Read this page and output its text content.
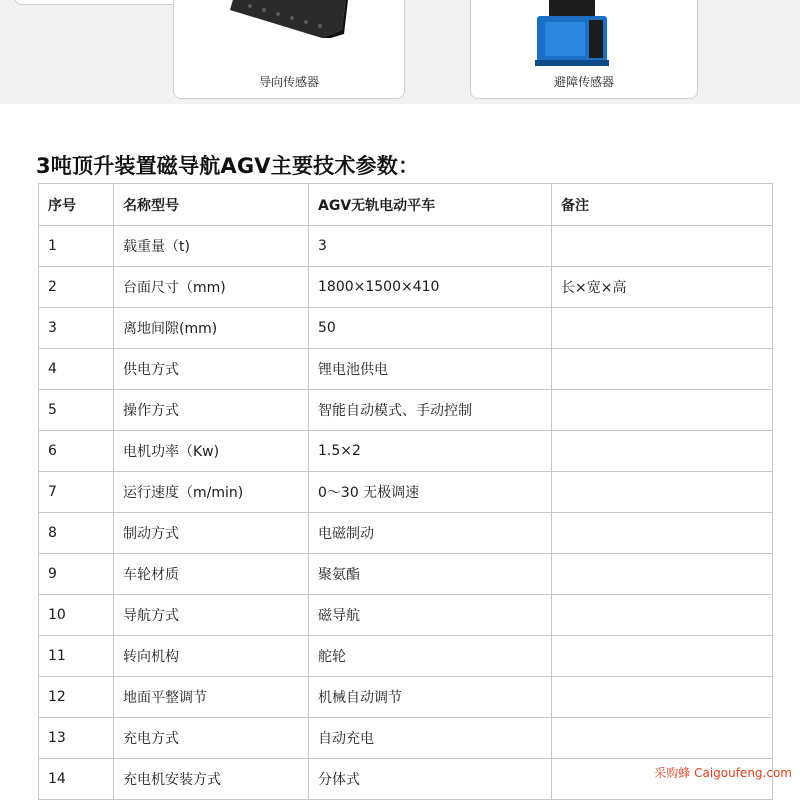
导向传感器	避障传感器
3吨顶升装置磁导航AGV主要技术参数：
序号	名称型号	AGV无轨电动平车	备注
1	载重量（t)	3	
2	台面尺寸（mm)	1800×1500×410	长×宽×高
3	离地间隙(mm)	50	
4	供电方式	锂电池供电	
5	操作方式	智能自动模式、手动控制	
6	电机功率（Kw)	1.5×2	
7	运行速度（m/min)	0～30 无极调速	
8	制动方式	电磁制动	
9	车轮材质	聚氨酯	
10	导航方式	磁导航	
11	转向机构	舵轮	
12	地面平整调节	机械自动调节	
13	充电方式	自动充电	
14	充电机安装方式	分体式		采购蜂 Caigoufeng.com
